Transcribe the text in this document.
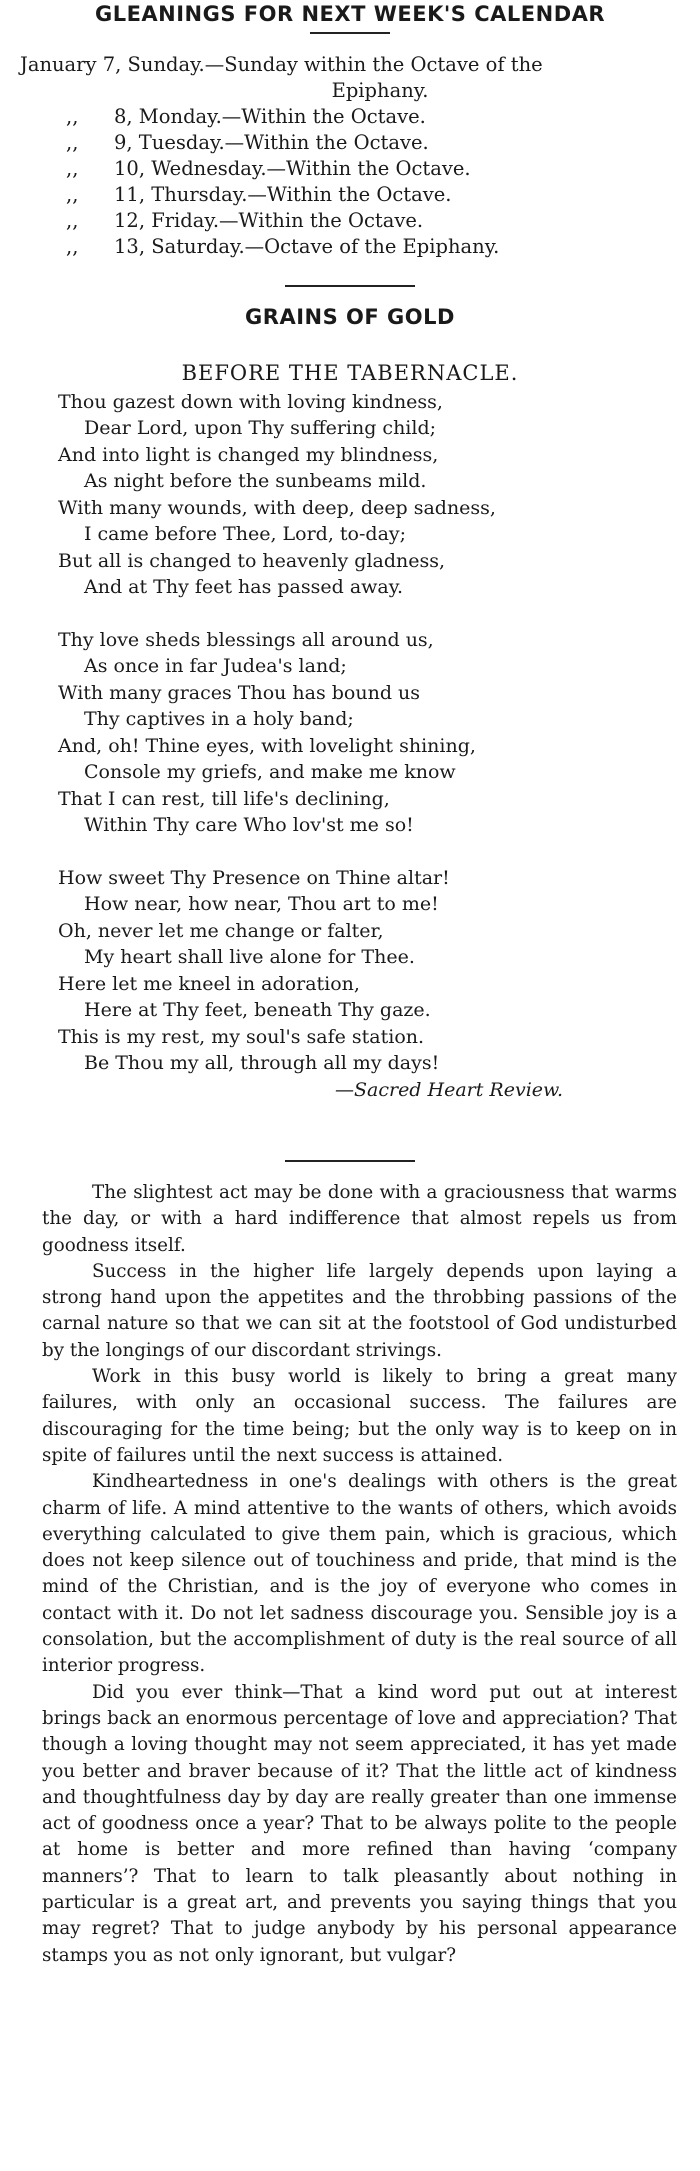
GLEANINGS FOR NEXT WEEK'S CALENDAR
January 7, Sunday.—Sunday within the Octave of the
Epiphany.
,, 8, Monday.—Within the Octave.
,, 9, Tuesday.—Within the Octave.
,, 10, Wednesday.—Within the Octave.
,, 11, Thursday.—Within the Octave.
,, 12, Friday.—Within the Octave.
,, 13, Saturday.—Octave of the Epiphany.
GRAINS OF GOLD
BEFORE THE TABERNACLE.
Thou gazest down with loving kindness,
Dear Lord, upon Thy suffering child;
And into light is changed my blindness,
As night before the sunbeams mild.
With many wounds, with deep, deep sadness,
I came before Thee, Lord, to-day;
But all is changed to heavenly gladness,
And at Thy feet has passed away.
Thy love sheds blessings all around us,
As once in far Judea's land;
With many graces Thou has bound us
Thy captives in a holy band;
And, oh! Thine eyes, with lovelight shining,
Console my griefs, and make me know
That I can rest, till life's declining,
Within Thy care Who lov'st me so!
How sweet Thy Presence on Thine altar!
How near, how near, Thou art to me!
Oh, never let me change or falter,
My heart shall live alone for Thee.
Here let me kneel in adoration,
Here at Thy feet, beneath Thy gaze.
This is my rest, my soul's safe station.
Be Thou my all, through all my days!
—Sacred Heart Review.

The slightest act may be done with a graciousness that warms the day, or with a hard indifference that almost repels us from goodness itself.

Success in the higher life largely depends upon laying a strong hand upon the appetites and the throbbing passions of the carnal nature so that we can sit at the footstool of God undisturbed by the longings of our discordant strivings.

Work in this busy world is likely to bring a great many failures, with only an occasional success. The failures are discouraging for the time being; but the only way is to keep on in spite of failures until the next success is attained.

Kindheartedness in one's dealings with others is the great charm of life. A mind attentive to the wants of others, which avoids everything calculated to give them pain, which is gracious, which does not keep silence out of touchiness and pride, that mind is the mind of the Christian, and is the joy of everyone who comes in contact with it. Do not let sadness discourage you. Sensible joy is a consolation, but the accomplishment of duty is the real source of all interior progress.

Did you ever think—That a kind word put out at interest brings back an enormous percentage of love and appreciation? That though a loving thought may not seem appreciated, it has yet made you better and braver because of it? That the little act of kindness and thoughtfulness day by day are really greater than one immense act of goodness once a year? That to be always polite to the people at home is better and more refined than having ‘company manners’? That to learn to talk pleasantly about nothing in particular is a great art, and prevents you saying things that you may regret? That to judge anybody by his personal appearance stamps you as not only ignorant, but vulgar?
